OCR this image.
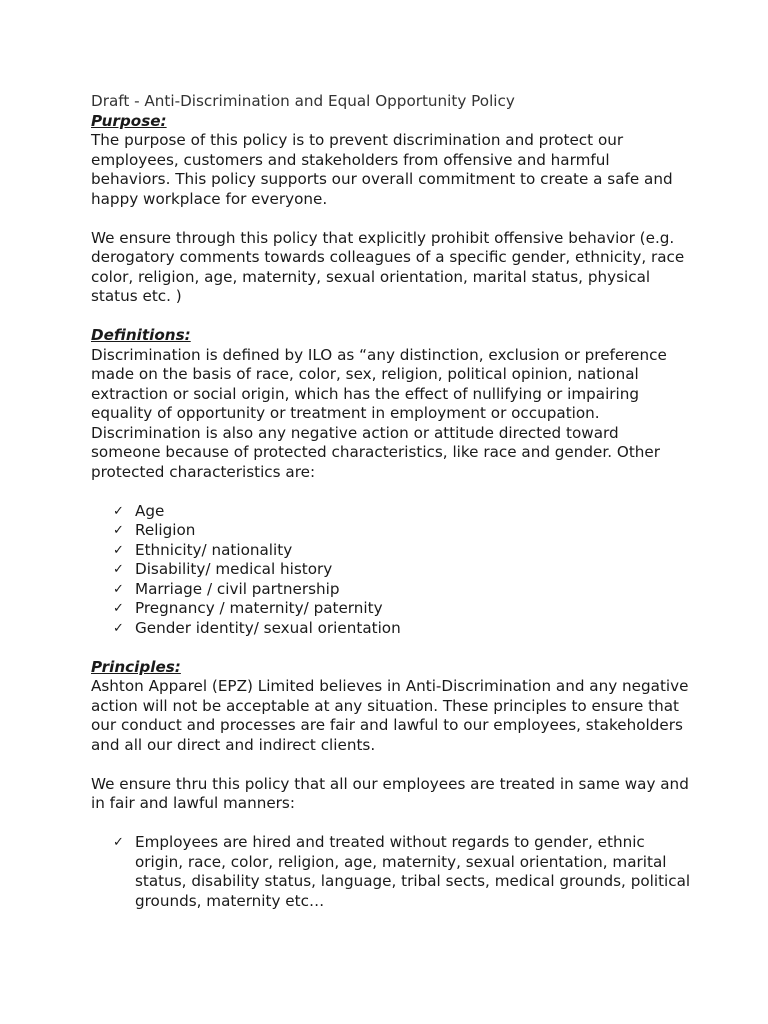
Draft - Anti-Discrimination and Equal Opportunity Policy

Purpose:

The purpose of this policy is to prevent discrimination and protect our employees, customers and stakeholders from offensive and harmful behaviors. This policy supports our overall commitment to create a safe and happy workplace for everyone.

We ensure through this policy that explicitly prohibit offensive behavior (e.g. derogatory comments towards colleagues of a specific gender, ethnicity, race color, religion, age, maternity, sexual orientation, marital status, physical status etc. )

Definitions:

Discrimination is defined by ILO as “any distinction, exclusion or preference made on the basis of race, color, sex, religion, political opinion, national extraction or social origin, which has the effect of nullifying or impairing equality of opportunity or treatment in employment or occupation.

Discrimination is also any negative action or attitude directed toward someone because of protected characteristics, like race and gender. Other protected characteristics are:

✓ Age
✓ Religion
✓ Ethnicity/ nationality
✓ Disability/ medical history
✓ Marriage / civil partnership
✓ Pregnancy / maternity/ paternity
✓ Gender identity/ sexual orientation

Principles:

Ashton Apparel (EPZ) Limited believes in Anti-Discrimination and any negative action will not be acceptable at any situation. These principles to ensure that our conduct and processes are fair and lawful to our employees, stakeholders and all our direct and indirect clients.

We ensure thru this policy that all our employees are treated in same way and in fair and lawful manners:

✓ Employees are hired and treated without regards to gender, ethnic origin, race, color, religion, age, maternity, sexual orientation, marital status, disability status, language, tribal sects, medical grounds, political grounds, maternity etc…
